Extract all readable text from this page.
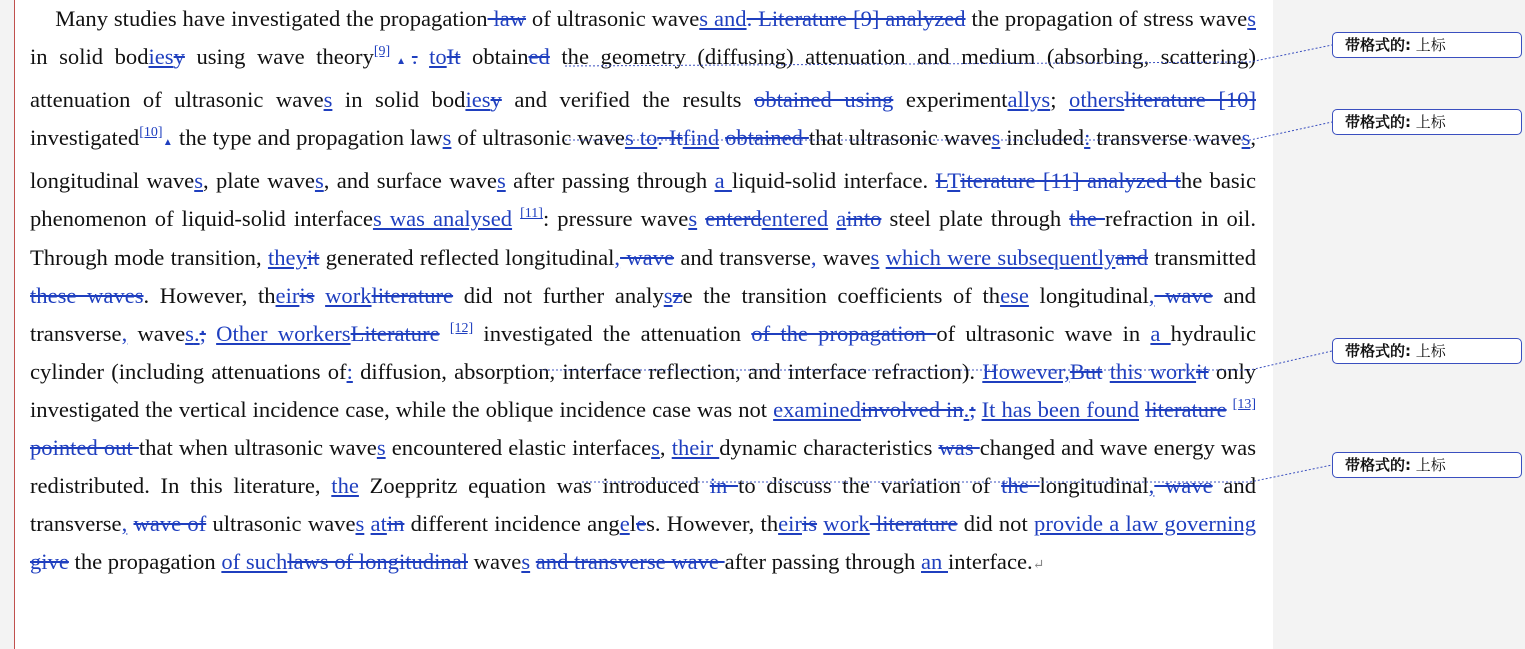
Many studies have investigated the propagation law of ultrasonic waves and. Literature [9] analyzed the propagation of stress waves in solid bodiesy using wave theory[9]▲. toIt obtained the geometry (diffusing) attenuation and medium (absorbing, scattering) attenuation of ultrasonic waves in solid bodiesy and verified the results obtained using experimentallys; othersliterature [10] investigated[10]▲ the type and propagation laws of ultrasonic waves to. Itfind obtained that ultrasonic waves included: transverse waves, longitudinal waves, plate waves, and surface waves after passing through a liquid-solid interface. LTiterature [11] analyzed the basic phenomenon of liquid-solid interfaces was analysed [11]: pressure waves enterdentered ainto steel plate through the refraction in oil. Through mode transition, theyit generated reflected longitudinal, wave and transverse, waves which were subsequentlyand transmitted these waves. However, theiris workliterature did not further analysze the transition coefficients of these longitudinal, wave and transverse, waves.; Other workersLiterature [12] investigated the attenuation of the propagation of ultrasonic wave in a hydraulic cylinder (including attenuations of: diffusion, absorption, interface reflection, and interface refraction). However,But this workit only investigated the vertical incidence case, while the oblique incidence case was not examinedinvolved in.; It has been found literature [13] pointed out that when ultrasonic waves encountered elastic interfaces, their dynamic characteristics was changed and wave energy was redistributed. In this literature, the Zoeppritz equation was introduced in to discuss the variation of the longitudinal, wave and transverse, wave of ultrasonic waves atin different incidence angeles. However, theiris work literature did not provide a law governing give the propagation of suchlaws of longitudinal waves and transverse wave after passing through an interface.↵

带格式的: 上标
带格式的: 上标
带格式的: 上标
带格式的: 上标
